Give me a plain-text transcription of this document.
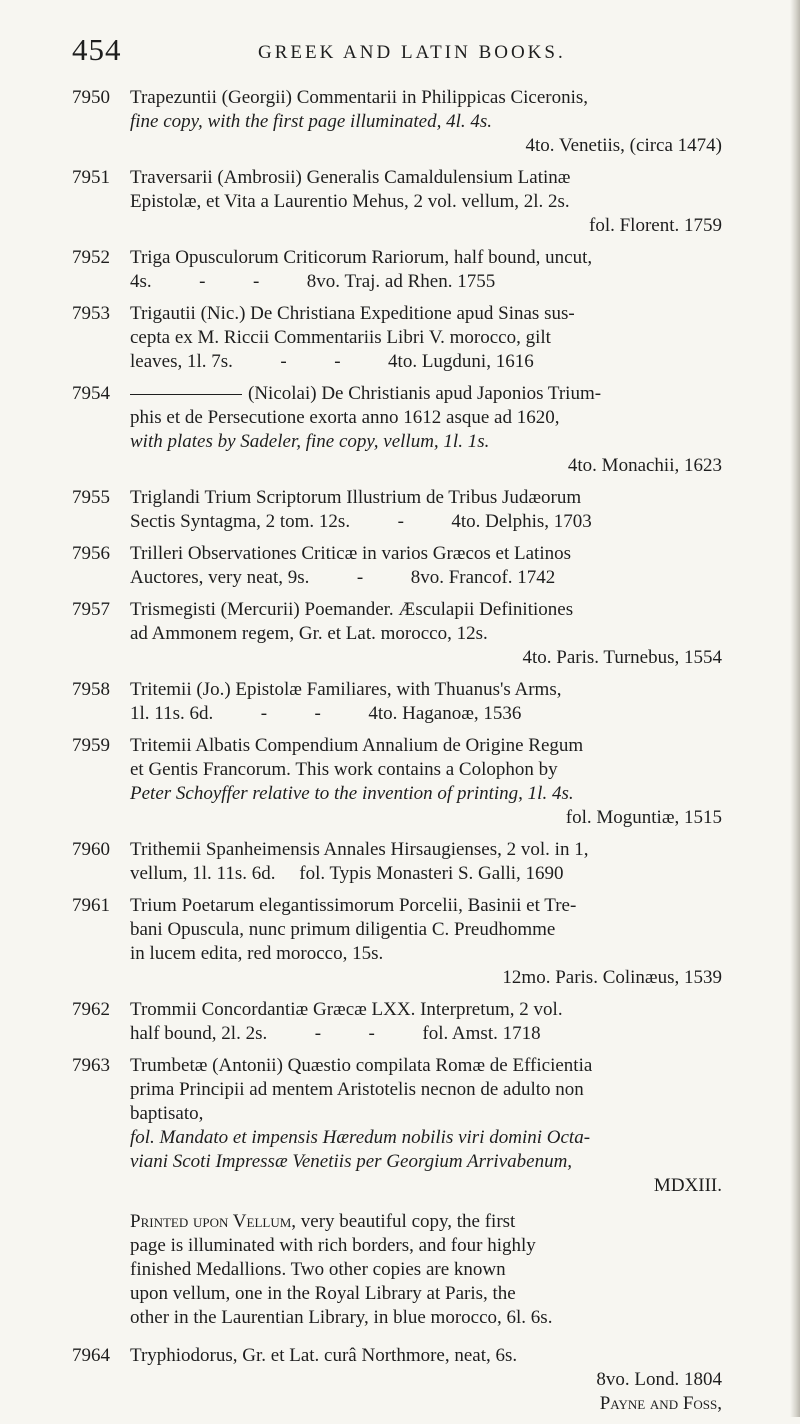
454	GREEK AND LATIN BOOKS.
7950	Trapezuntii (Georgii) Commentarii in Philippicas Ciceronis,
fine copy, with the first page illuminated, 4l. 4s.
4to. Venetiis, (circa 1474)
7951	Traversarii (Ambrosii) Generalis Camaldulensium Latinæ
Epistolæ, et Vita a Laurentio Mehus, 2 vol. vellum, 2l. 2s.
fol. Florent. 1759
7952	Triga Opusculorum Criticorum Rariorum, half bound, uncut,
4s.          -          -          8vo. Traj. ad Rhen. 1755
7953	Trigautii (Nic.) De Christiana Expeditione apud Sinas sus-
cepta ex M. Riccii Commentariis Libri V. morocco, gilt
leaves, 1l. 7s.          -          -          4to. Lugduni, 1616
7954	(Nicolai) De Christianis apud Japonios Trium-
phis et de Persecutione exorta anno 1612 asque ad 1620,
with plates by Sadeler, fine copy, vellum, 1l. 1s.
4to. Monachii, 1623
7955	Triglandi Trium Scriptorum Illustrium de Tribus Judæorum
Sectis Syntagma, 2 tom. 12s.          -          4to. Delphis, 1703
7956	Trilleri Observationes Criticæ in varios Græcos et Latinos
Auctores, very neat, 9s.          -          8vo. Francof. 1742
7957	Trismegisti (Mercurii) Poemander. Æsculapii Definitiones
ad Ammonem regem, Gr. et Lat. morocco, 12s.
4to. Paris. Turnebus, 1554
7958	Tritemii (Jo.) Epistolæ Familiares, with Thuanus's Arms,
1l. 11s. 6d.          -          -          4to. Haganoæ, 1536
7959	Tritemii Albatis Compendium Annalium de Origine Regum
et Gentis Francorum. This work contains a Colophon by
Peter Schoyffer relative to the invention of printing, 1l. 4s.
fol. Moguntiæ, 1515
7960	Trithemii Spanheimensis Annales Hirsaugienses, 2 vol. in 1,
vellum, 1l. 11s. 6d.     fol. Typis Monasteri S. Galli, 1690
7961	Trium Poetarum elegantissimorum Porcelii, Basinii et Tre-
bani Opuscula, nunc primum diligentia C. Preudhomme
in lucem edita, red morocco, 15s.
12mo. Paris. Colinæus, 1539
7962	Trommii Concordantiæ Græcæ LXX. Interpretum, 2 vol.
half bound, 2l. 2s.          -          -          fol. Amst. 1718
7963	Trumbetæ (Antonii) Quæstio compilata Romæ de Efficientia
prima Principii ad mentem Aristotelis necnon de adulto non
baptisato,
fol. Mandato et impensis Hæredum nobilis viri domini Octa-
viani Scoti Impressæ Venetiis per Georgium Arrivabenum,
MDXIII.
Printed upon Vellum, very beautiful copy, the first
page is illuminated with rich borders, and four highly
finished Medallions. Two other copies are known
upon vellum, one in the Royal Library at Paris, the
other in the Laurentian Library, in blue morocco, 6l. 6s.
7964	Tryphiodorus, Gr. et Lat. curâ Northmore, neat, 6s.
8vo. Lond. 1804
Payne and Foss,
